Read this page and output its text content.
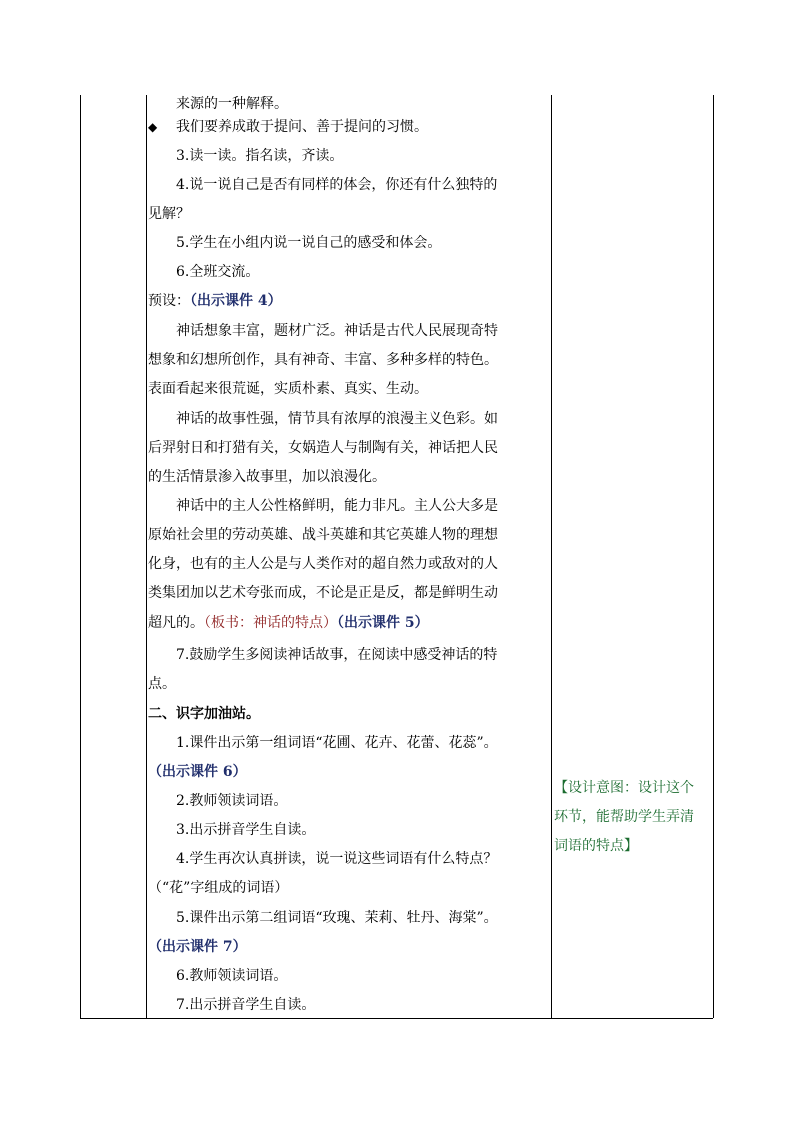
来源的一种解释。
◆ 我们要养成敢于提问、善于提问的习惯。
3.读一读。指名读，齐读。
4.说一说自己是否有同样的体会，你还有什么独特的
见解？
5.学生在小组内说一说自己的感受和体会。
6.全班交流。
预设：（出示课件 4）
神话想象丰富，题材广泛。神话是古代人民展现奇特
想象和幻想所创作，具有神奇、丰富、多种多样的特色。
表面看起来很荒诞，实质朴素、真实、生动。
神话的故事性强，情节具有浓厚的浪漫主义色彩。如
后羿射日和打猎有关，女娲造人与制陶有关，神话把人民
的生活情景渗入故事里，加以浪漫化。
神话中的主人公性格鲜明，能力非凡。主人公大多是
原始社会里的劳动英雄、战斗英雄和其它英雄人物的理想
化身，也有的主人公是与人类作对的超自然力或敌对的人
类集团加以艺术夸张而成，不论是正是反，都是鲜明生动
超凡的。（板书：神话的特点）（出示课件 5）
7.鼓励学生多阅读神话故事，在阅读中感受神话的特
点。
二、识字加油站。
1.课件出示第一组词语“花圃、花卉、花蕾、花蕊”。
（出示课件 6）
2.教师领读词语。
3.出示拼音学生自读。
4.学生再次认真拼读，说一说这些词语有什么特点？
（“花”字组成的词语）
5.课件出示第二组词语“玫瑰、茉莉、牡丹、海棠”。
（出示课件 7）
6.教师领读词语。
7.出示拼音学生自读。
【设计意图：设计这个
环节，能帮助学生弄清
词语的特点】
